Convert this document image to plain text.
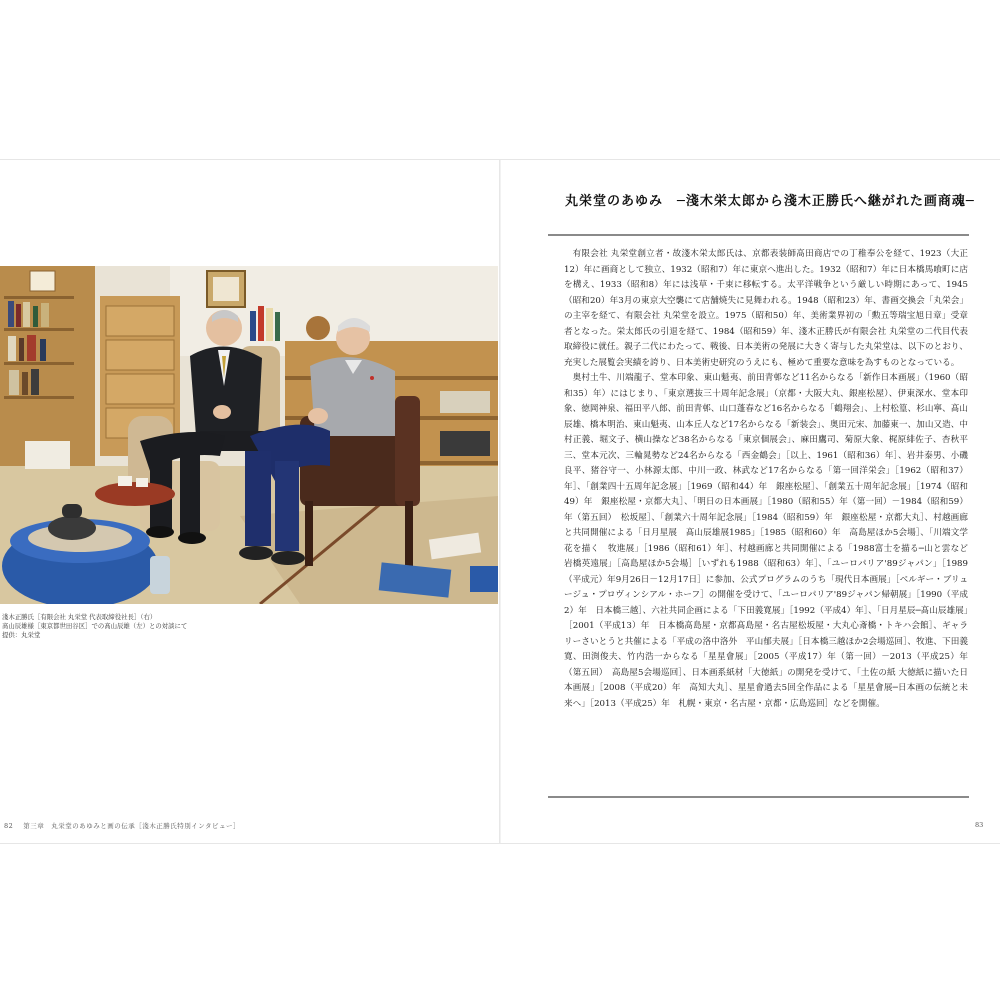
淺木正勝氏［有限会社 丸栄堂 代表取締役社長］（右）
髙山辰雄様［東京都世田谷区］での髙山辰雄（左）との対談にて
提供：丸栄堂
82 第三章　丸栄堂のあゆみと画の伝承［淺木正勝氏特別インタビュー］
丸栄堂のあゆみ　─淺木栄太郎から淺木正勝氏へ継がれた画商魂─

有限会社 丸栄堂創立者・故淺木栄太郎氏は、京都表装師髙田商店での丁稚奉公を経て、1923（大正12）年に画商として独立、1932（昭和7）年に東京へ進出した。1932（昭和7）年に日本橋馬喰町に店を構え、1933（昭和8）年には浅草・千束に移転する。太平洋戦争という厳しい時期にあって、1945（昭和20）年3月の東京大空襲にて店舗焼失に見舞われる。1948（昭和23）年、書画交換会「丸栄会」の主宰を経て、有限会社 丸栄堂を設立。1975（昭和50）年、美術業界初の「勲五等瑞宝旭日章」受章者となった。栄太郎氏の引退を経て、1984（昭和59）年、淺木正勝氏が有限会社 丸栄堂の二代目代表取締役に就任。親子二代にわたって、戦後、日本美術の発展に大きく寄与した丸栄堂は、以下のとおり、充実した展覧会実績を誇り、日本美術史研究のうえにも、極めて重要な意味を為すものとなっている。

奥村土牛、川端龍子、堂本印象、東山魁夷、前田青邨など11名からなる「新作日本画展」（1960（昭和35）年）にはじまり、「東京選抜三十周年記念展」（京都・大阪大丸、銀座松屋）、伊東深水、堂本印象、徳岡神泉、福田平八郎、前田青邨、山口蓬春など16名からなる「鶴翔会」、上村松篁、杉山寧、髙山辰雄、橋本明治、東山魁夷、山本丘人など17名からなる「新装会」、奥田元宋、加藤東一、加山又造、中村正義、堀文子、横山操など38名からなる「東京個展会」、麻田鷹司、菊原大象、梶原緋佐子、杏秋平三、堂本元次、三輪晁勢など24名からなる「西金鶴会」［以上、1961（昭和36）年］、岩井泰男、小磯良平、猪谷守一、小林源太郎、中川一政、林武など17名からなる「第一回洋栄会」［1962（昭和37）年］、「創業四十五周年記念展」［1969（昭和44）年　銀座松屋］、「創業五十周年記念展」［1974（昭和49）年　銀座松屋・京都大丸］、「明日の日本画展」［1980（昭和55）年（第一回）－1984（昭和59）年（第五回）　松坂屋］、「創業六十周年記念展」［1984（昭和59）年　銀座松屋・京都大丸］、村越画廊と共同開催による「日月星展　髙山辰雄展1985」［1985（昭和60）年　高島屋ほか5会場］、「川端文学　花を描く　牧進展」［1986（昭和61）年］、村越画廊と共同開催による「1988富士を描る─山と雲など　岩橋英遠展」［高島屋ほか5会場］［いずれも1988（昭和63）年］、「ユーロパリア'89ジャパン」［1989（平成元）年9月26日－12月17日］に参加、公式プログラムのうち「現代日本画展」［ベルギー・ブリュージュ・プロヴィンシアル・ホーフ］の開催を受けて、「ユーロパリア'89ジャパン帰朝展」［1990（平成2）年　日本橋三越］、六社共同企画による「下田義寛展」［1992（平成4）年］、「日月星辰─髙山辰雄展」［2001（平成13）年　日本橋髙島屋・京都髙島屋・名古屋松坂屋・大丸心斎橋・トキハ会館］、ギャラリーさいとうと共催による「平成の洛中洛外　平山郁夫展」［日本橋三越ほか2会場巡回］、牧進、下田義寛、田渕俊夫、竹内浩一からなる「星星會展」［2005（平成17）年（第一回）－2013（平成25）年（第五回）　高島屋5会場巡回］、日本画系紙材「大徳紙」の開発を受けて、「土佐の紙 大徳紙に描いた日本画展」［2008（平成20）年　高知大丸］、星星會過去5回全作品による「星星會展─日本画の伝統と未来へ」［2013（平成25）年　札幌・東京・名古屋・京都・広島巡回］などを開催。

83
